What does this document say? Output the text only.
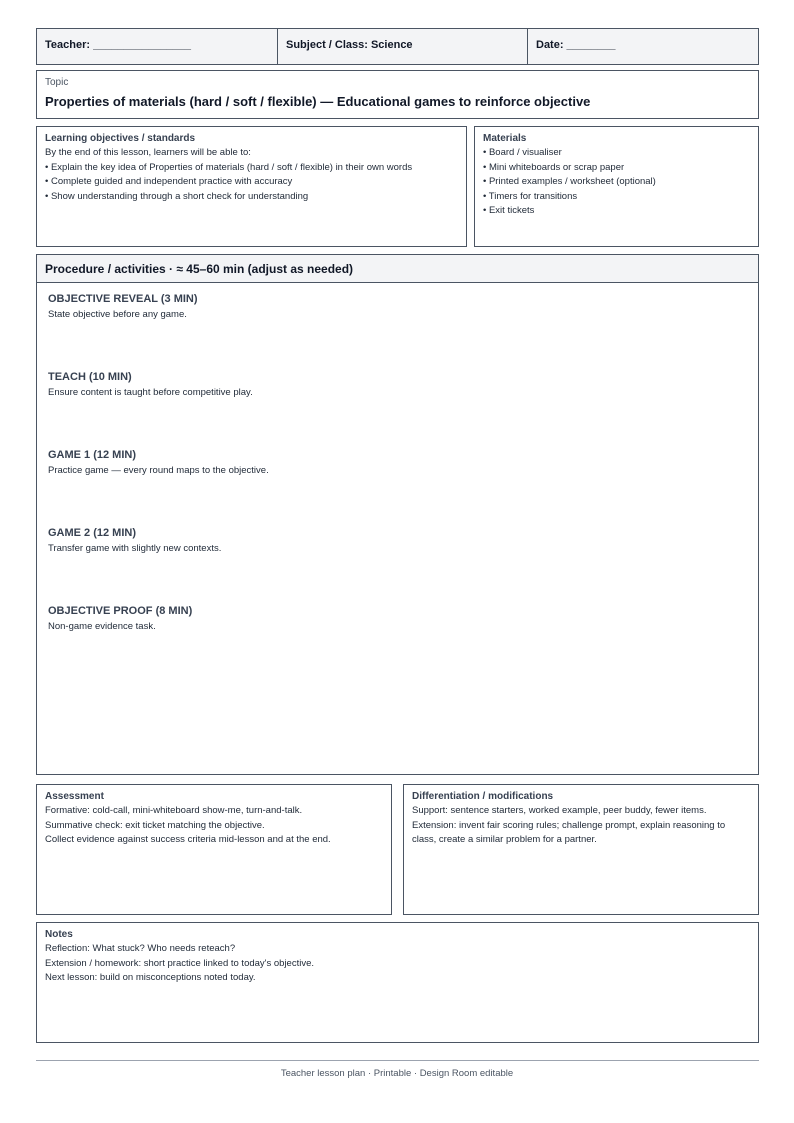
Teacher: ________________	Subject / Class: Science	Date: ________
Topic
Properties of materials (hard / soft / flexible) — Educational games to reinforce objective
Learning objectives / standards
By the end of this lesson, learners will be able to:
• Explain the key idea of Properties of materials (hard / soft / flexible) in their own words
• Complete guided and independent practice with accuracy
• Show understanding through a short check for understanding
Materials
• Board / visualiser
• Mini whiteboards or scrap paper
• Printed examples / worksheet (optional)
• Timers for transitions
• Exit tickets
Procedure / activities · ≈ 45–60 min (adjust as needed)
OBJECTIVE REVEAL (3 MIN)
State objective before any game.
TEACH (10 MIN)
Ensure content is taught before competitive play.
GAME 1 (12 MIN)
Practice game — every round maps to the objective.
GAME 2 (12 MIN)
Transfer game with slightly new contexts.
OBJECTIVE PROOF (8 MIN)
Non-game evidence task.
Assessment
Formative: cold-call, mini-whiteboard show-me, turn-and-talk.
Summative check: exit ticket matching the objective.
Collect evidence against success criteria mid-lesson and at the end.
Differentiation / modifications
Support: sentence starters, worked example, peer buddy, fewer items.
Extension: invent fair scoring rules; challenge prompt, explain reasoning to
class, create a similar problem for a partner.
Notes
Reflection: What stuck? Who needs reteach?
Extension / homework: short practice linked to today's objective.
Next lesson: build on misconceptions noted today.
Teacher lesson plan · Printable · Design Room editable
